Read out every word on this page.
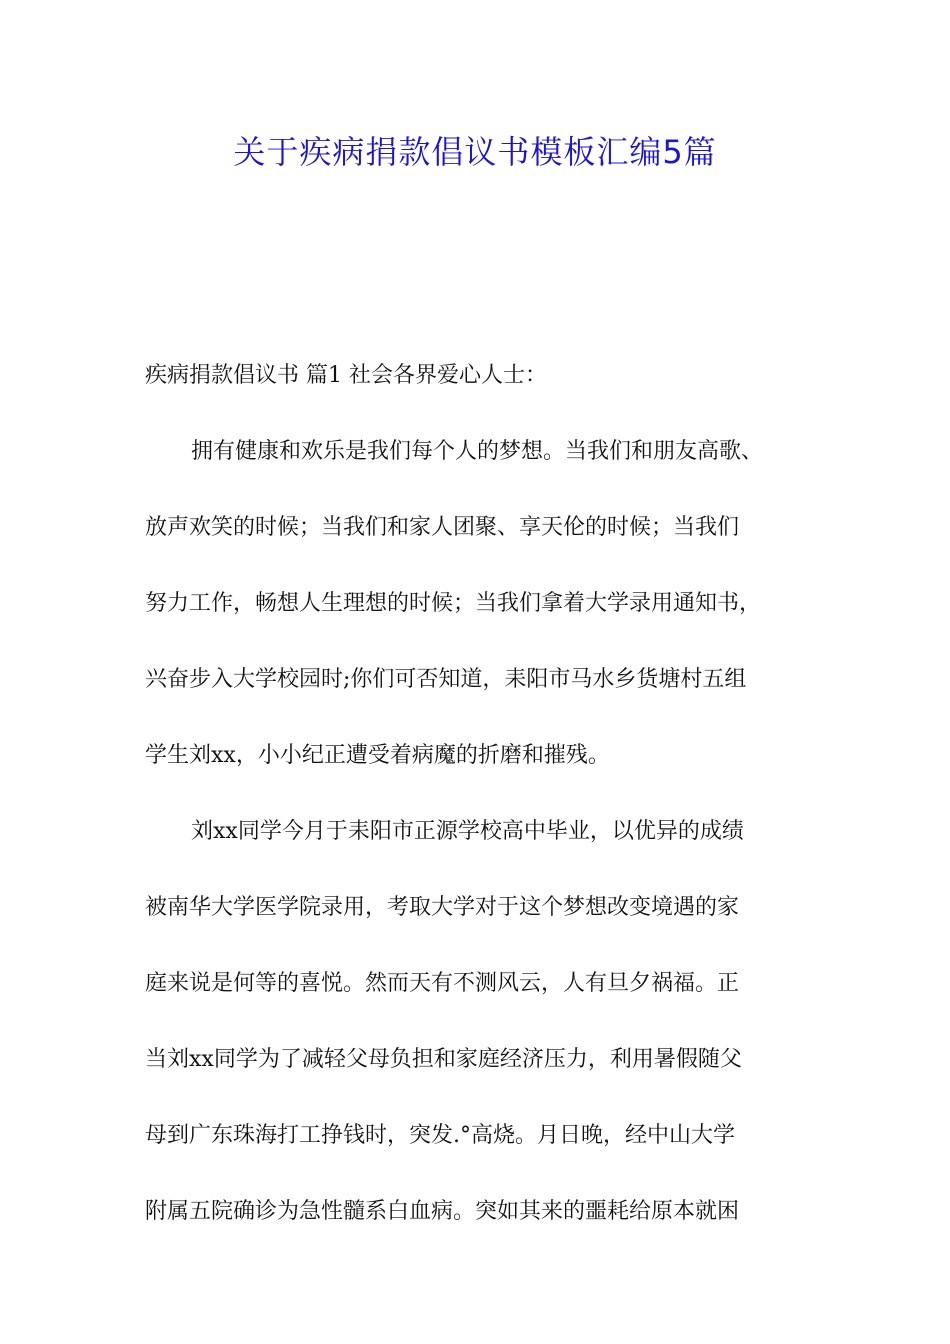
关于疾病捐款倡议书模板汇编5篇
疾病捐款倡议书 篇1 社会各界爱心人士：
拥有健康和欢乐是我们每个人的梦想。当我们和朋友高歌、
放声欢笑的时候；当我们和家人团聚、享天伦的时候；当我们
努力工作，畅想人生理想的时候；当我们拿着大学录用通知书，
兴奋步入大学校园时;你们可否知道，耒阳市马水乡货塘村五组
学生刘xx，小小纪正遭受着病魔的折磨和摧残。
刘xx同学今月于耒阳市正源学校高中毕业，以优异的成绩
被南华大学医学院录用，考取大学对于这个梦想改变境遇的家
庭来说是何等的喜悦。然而天有不测风云，人有旦夕祸福。正
当刘xx同学为了减轻父母负担和家庭经济压力，利用暑假随父
母到广东珠海打工挣钱时，突发.°高烧。月日晚，经中山大学
附属五院确诊为急性髓系白血病。突如其来的噩耗给原本就困
